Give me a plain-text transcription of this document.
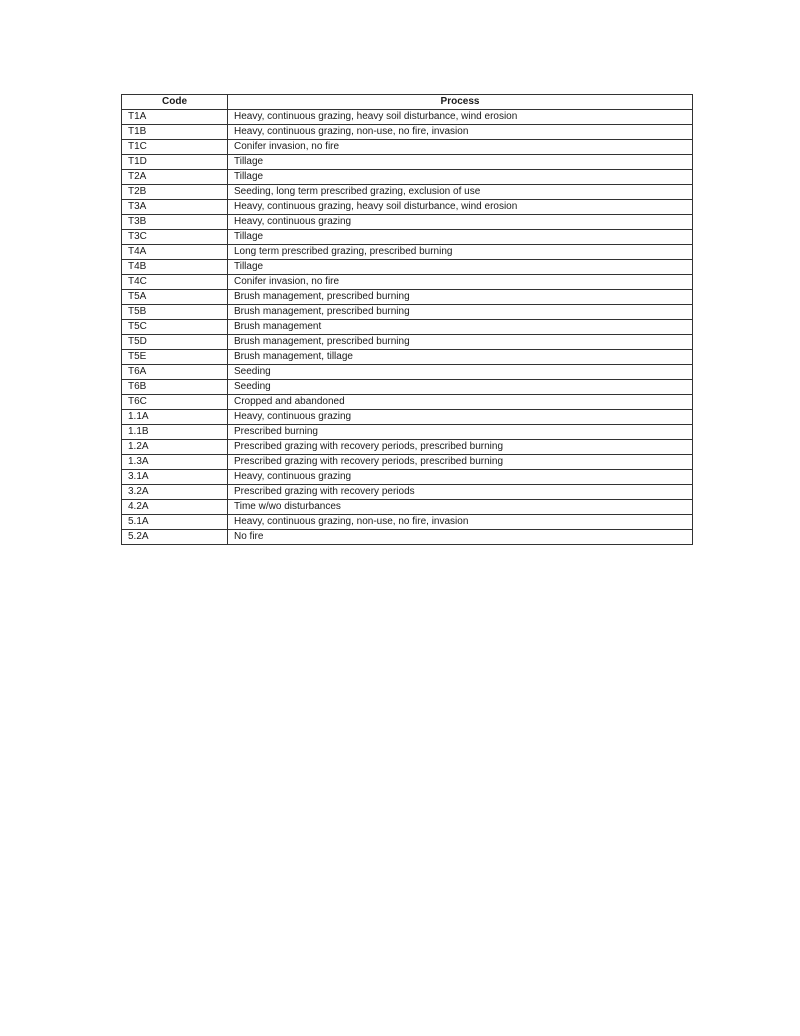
Code	Process
T1A	Heavy, continuous grazing, heavy soil disturbance, wind erosion
T1B	Heavy, continuous grazing, non-use, no fire, invasion
T1C	Conifer invasion, no fire
T1D	Tillage
T2A	Tillage
T2B	Seeding, long term prescribed grazing, exclusion of use
T3A	Heavy, continuous grazing, heavy soil disturbance, wind erosion
T3B	Heavy, continuous grazing
T3C	Tillage
T4A	Long term prescribed grazing, prescribed burning
T4B	Tillage
T4C	Conifer invasion, no fire
T5A	Brush management, prescribed burning
T5B	Brush management, prescribed burning
T5C	Brush management
T5D	Brush management, prescribed burning
T5E	Brush management, tillage
T6A	Seeding
T6B	Seeding
T6C	Cropped and abandoned
1.1A	Heavy, continuous grazing
1.1B	Prescribed burning
1.2A	Prescribed grazing with recovery periods, prescribed burning
1.3A	Prescribed grazing with recovery periods, prescribed burning
3.1A	Heavy, continuous grazing
3.2A	Prescribed grazing with recovery periods
4.2A	Time w/wo disturbances
5.1A	Heavy, continuous grazing, non-use, no fire, invasion
5.2A	No fire
